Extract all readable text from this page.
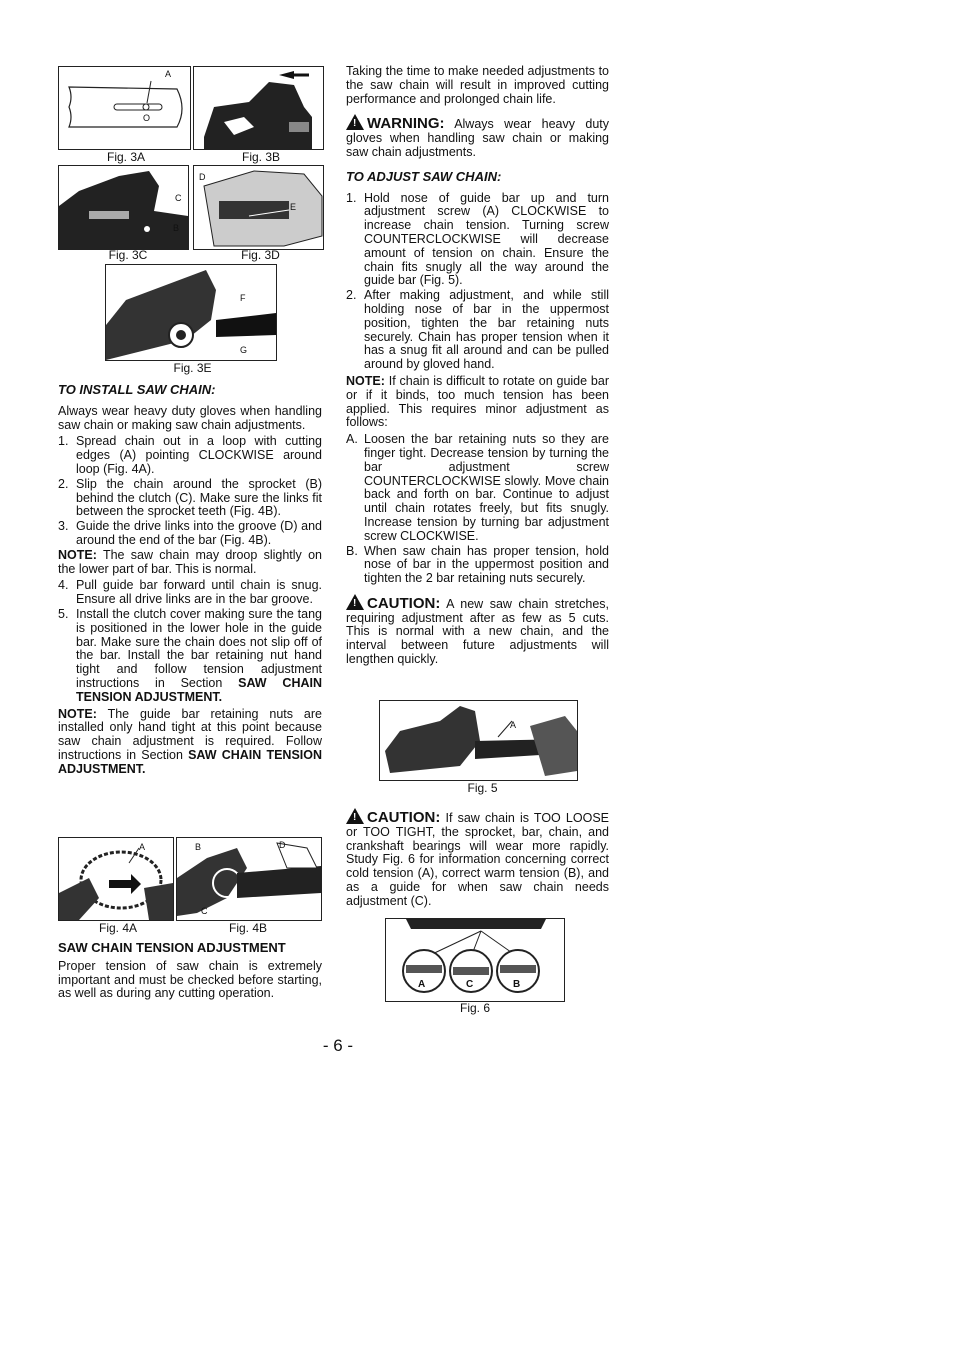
A
O
Fig. 3A	Fig. 3B
C
B
Fig. 3C
D
E
Fig. 3D
F
G
Fig. 3E
TO INSTALL SAW CHAIN:

Always wear heavy duty gloves when handling saw chain or making saw chain adjustments.

1. Spread chain out in a loop with cutting edges (A) pointing CLOCKWISE around loop (Fig. 4A).
2. Slip the chain around the sprocket (B) behind the clutch (C). Make sure the links fit between the sprocket teeth (Fig. 4B).
3. Guide the drive links into the groove (D) and around the end of the bar (Fig. 4B).

NOTE: The saw chain may droop slightly on the lower part of bar. This is normal.

4. Pull guide bar forward until chain is snug. Ensure all drive links are in the bar groove.
5. Install the clutch cover making sure the tang is positioned in the lower hole in the guide bar. Make sure the chain does not slip off of the bar. Install the bar retaining nut hand tight and follow tension adjustment instructions in Section SAW CHAIN TENSION ADJUSTMENT.

NOTE: The guide bar retaining nuts are installed only hand tight at this point because saw chain adjustment is required. Follow instructions in Section SAW CHAIN TENSION ADJUSTMENT.

A
Fig. 4A
B	D
C
Fig. 4B
SAW CHAIN TENSION ADJUSTMENT

Proper tension of saw chain is extremely important and must be checked before starting, as well as during any cutting operation.

Taking the time to make needed adjustments to the saw chain will result in improved cutting performance and prolonged chain life.

!WARNING: Always wear heavy duty gloves when handling saw chain or making saw chain adjustments.

TO ADJUST SAW CHAIN:
1. Hold nose of guide bar up and turn adjustment screw (A) CLOCKWISE to increase chain tension. Turning screw COUNTERCLOCKWISE will decrease amount of tension on chain. Ensure the chain fits snugly all the way around the guide bar (Fig. 5).
2. After making adjustment, and while still holding nose of bar in the uppermost position, tighten the bar retaining nuts securely. Chain has proper tension when it has a snug fit all around and can be pulled around by gloved hand.

NOTE: If chain is difficult to rotate on guide bar or if it binds, too much tension has been applied. This requires minor adjustment as follows:

A. Loosen the bar retaining nuts so they are finger tight. Decrease tension by turning the bar adjustment screw COUNTERCLOCKWISE slowly. Move chain back and forth on bar. Continue to adjust until chain rotates freely, but fits snugly. Increase tension by turning bar adjustment screw CLOCKWISE.
B. When saw chain has proper tension, hold nose of bar in the uppermost position and tighten the 2 bar retaining nuts securely.

!CAUTION: A new saw chain stretches, requiring adjustment after as few as 5 cuts. This is normal with a new chain, and the interval between future adjustments will lengthen quickly.

A
Fig. 5

!CAUTION: If saw chain is TOO LOOSE or TOO TIGHT, the sprocket, bar, chain, and crankshaft bearings will wear more rapidly. Study Fig. 6 for information concerning correct cold tension (A), correct warm tension (B), and as a guide for when saw chain needs adjustment (C).

A	C	B
Fig. 6
- 6 -
